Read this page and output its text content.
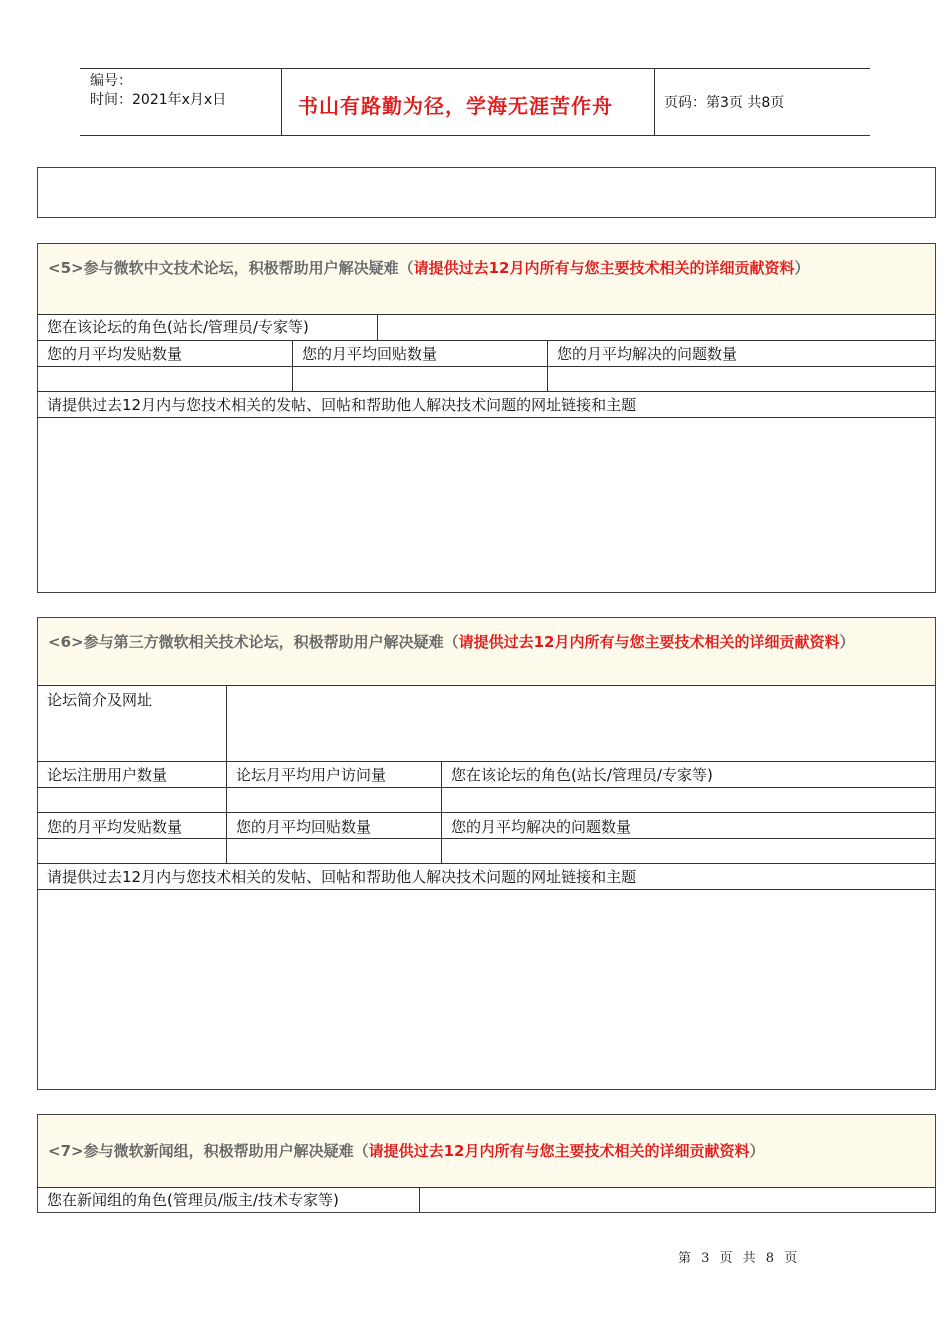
编号：
时间：2021年x月x日	书山有路勤为径，学海无涯苦作舟	页码：第3页 共8页
<5>参与微软中文技术论坛，积极帮助用户解决疑难（请提供过去12月内所有与您主要技术相关的详细贡献资料）
您在该论坛的角色(站长/管理员/专家等)
您的月平均发贴数量	您的月平均回贴数量	您的月平均解决的问题数量
请提供过去12月内与您技术相关的发帖、回帖和帮助他人解决技术问题的网址链接和主题
<6>参与第三方微软相关技术论坛，积极帮助用户解决疑难（请提供过去12月内所有与您主要技术相关的详细贡献资料）
论坛简介及网址
论坛注册用户数量	论坛月平均用户访问量	您在该论坛的角色(站长/管理员/专家等)
您的月平均发贴数量	您的月平均回贴数量	您的月平均解决的问题数量
请提供过去12月内与您技术相关的发帖、回帖和帮助他人解决技术问题的网址链接和主题
<7>参与微软新闻组，积极帮助用户解决疑难（请提供过去12月内所有与您主要技术相关的详细贡献资料）
您在新闻组的角色(管理员/版主/技术专家等)
第 3 页 共 8 页
